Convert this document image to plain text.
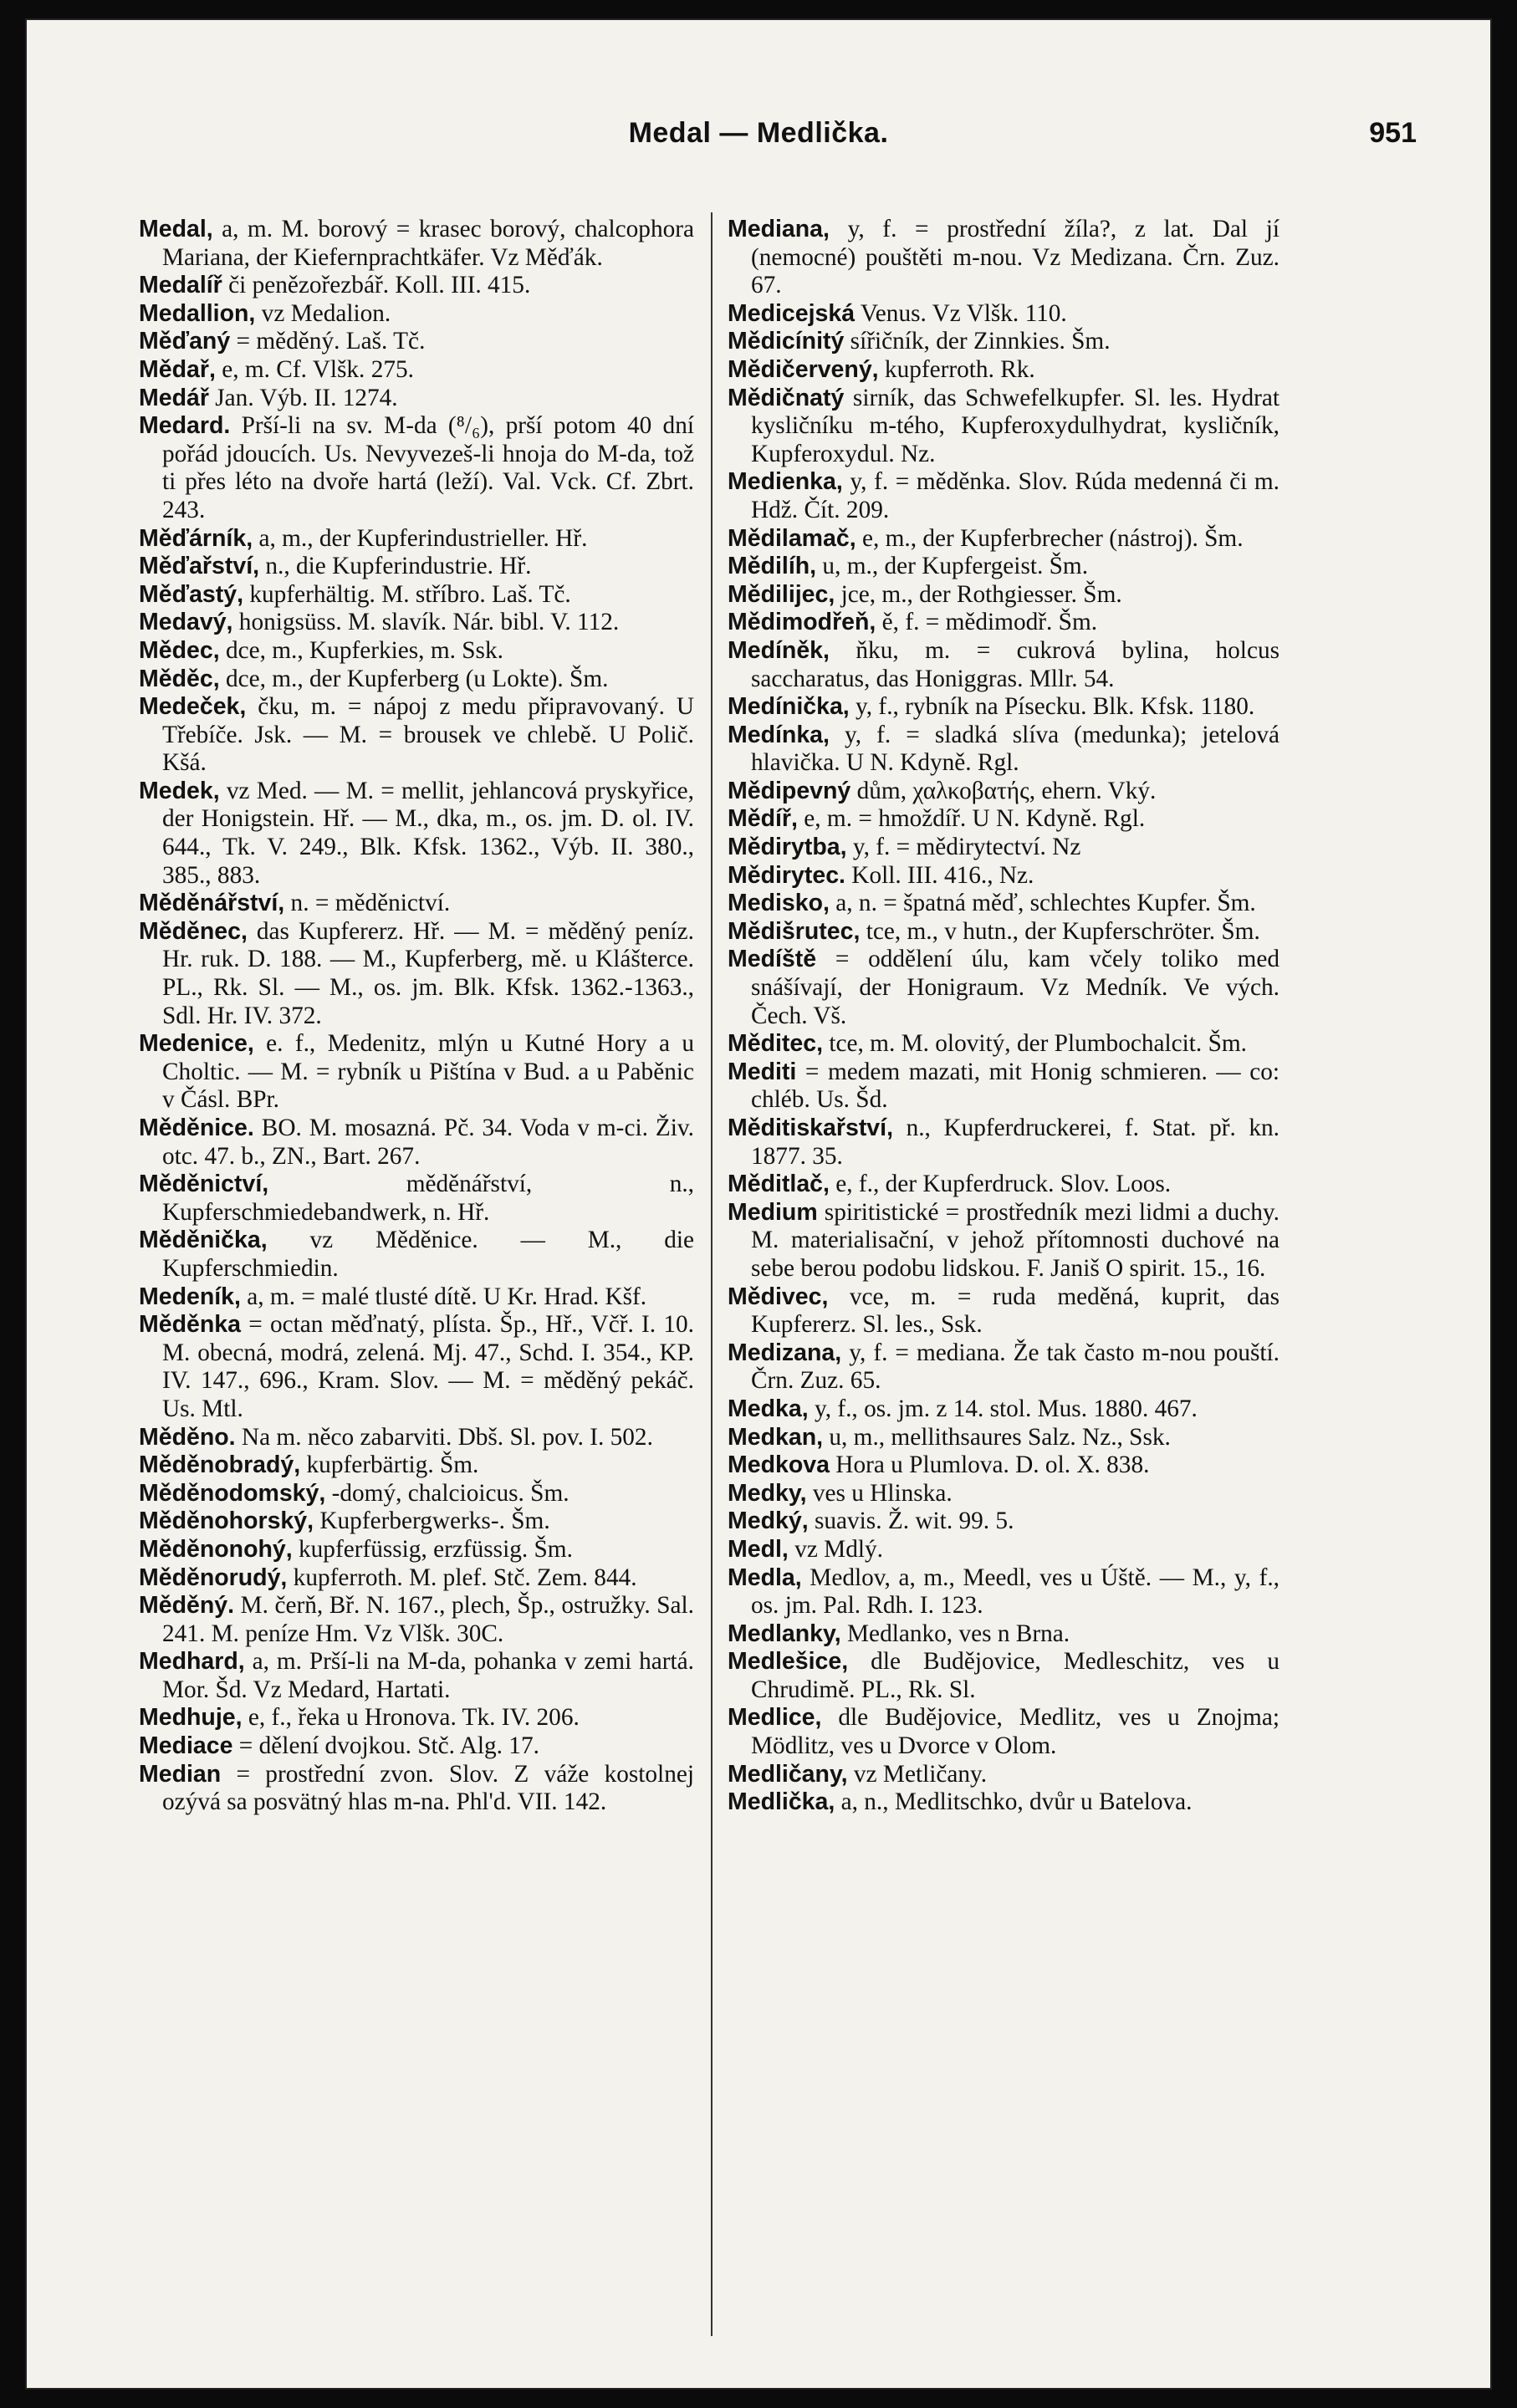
Medal — Medlička.	951

Medal, a, m. M. borový = krasec borový, chalcophora Mariana, der Kiefernprachtkäfer. Vz Měďák.

Medalíř či penězořezbář. Koll. III. 415.

Medallion, vz Medalion.

Měďaný = měděný. Laš. Tč.

Mědař, e, m. Cf. Vlšk. 275.

Medář Jan. Výb. II. 1274.

Medard. Prší-li na sv. M-da (⁸/₆), prší potom 40 dní pořád jdoucích. Us. Nevyvezeš-li hnoja do M-da, tož ti přes léto na dvoře hartá (leží). Val. Vck. Cf. Zbrt. 243.

Měďárník, a, m., der Kupferindustrieller. Hř.

Měďařství, n., die Kupferindustrie. Hř.

Měďastý, kupferhältig. M. stříbro. Laš. Tč.

Medavý, honigsüss. M. slavík. Nár. bibl. V. 112.

Mědec, dce, m., Kupferkies, m. Ssk.

Měděc, dce, m., der Kupferberg (u Lokte). Šm.

Medeček, čku, m. = nápoj z medu připravovaný. U Třebíče. Jsk. — M. = brousek ve chlebě. U Polič. Kšá.

Medek, vz Med. — M. = mellit, jehlancová pryskyřice, der Honigstein. Hř. — M., dka, m., os. jm. D. ol. IV. 644., Tk. V. 249., Blk. Kfsk. 1362., Výb. II. 380., 385., 883.

Měděnářství, n. = měděnictví.

Měděnec, das Kupfererz. Hř. — M. = měděný peníz. Hr. ruk. D. 188. — M., Kupferberg, mě. u Klášterce. PL., Rk. Sl. — M., os. jm. Blk. Kfsk. 1362.-1363., Sdl. Hr. IV. 372.

Medenice, e. f., Medenitz, mlýn u Kutné Hory a u Choltic. — M. = rybník u Pištína v Bud. a u Paběnic v Čásl. BPr.

Měděnice. BO. M. mosazná. Pč. 34. Voda v m-ci. Živ. otc. 47. b., ZN., Bart. 267.

Měděnictví, měděnářství, n., Kupferschmiedebandwerk, n. Hř.

Měděnička, vz Měděnice. — M., die Kupferschmiedin.

Medeník, a, m. = malé tlusté dítě. U Kr. Hrad. Kšf.

Měděnka = octan měďnatý, plísta. Šp., Hř., Včř. I. 10. M. obecná, modrá, zelená. Mj. 47., Schd. I. 354., KP. IV. 147., 696., Kram. Slov. — M. = měděný pekáč. Us. Mtl.

Měděno. Na m. něco zabarviti. Dbš. Sl. pov. I. 502.

Měděnobradý, kupferbärtig. Šm.

Měděnodomský, -domý, chalcioicus. Šm.

Měděnohorský, Kupferbergwerks-. Šm.

Měděnonohý, kupferfüssig, erzfüssig. Šm.

Měděnorudý, kupferroth. M. plef. Stč. Zem. 844.

Měděný. M. čerň, Bř. N. 167., plech, Šp., ostružky. Sal. 241. M. peníze Hm. Vz Vlšk. 30C.

Medhard, a, m. Prší-li na M-da, pohanka v zemi hartá. Mor. Šd. Vz Medard, Hartati.

Medhuje, e, f., řeka u Hronova. Tk. IV. 206.

Mediace = dělení dvojkou. Stč. Alg. 17.

Median = prostřední zvon. Slov. Z váže kostolnej ozývá sa posvätný hlas m-na. Phl'd. VII. 142.

Mediana, y, f. = prostřední žíla?, z lat. Dal jí (nemocné) pouštěti m-nou. Vz Medizana. Črn. Zuz. 67.

Medicejská Venus. Vz Vlšk. 110.

Mědicínitý sířičník, der Zinnkies. Šm.

Mědičervený, kupferroth. Rk.

Mědičnatý sirník, das Schwefelkupfer. Sl. les. Hydrat kysličníku m-tého, Kupferoxydulhydrat, kysličník, Kupferoxydul. Nz.

Medienka, y, f. = měděnka. Slov. Rúda medenná či m. Hdž. Čít. 209.

Mědilamač, e, m., der Kupferbrecher (nástroj). Šm.

Mědilíh, u, m., der Kupfergeist. Šm.

Mědilijec, jce, m., der Rothgiesser. Šm.

Mědimodřeň, ě, f. = mědimodř. Šm.

Medíněk, ňku, m. = cukrová bylina, holcus saccharatus, das Honiggras. Mllr. 54.

Medínička, y, f., rybník na Písecku. Blk. Kfsk. 1180.

Medínka, y, f. = sladká slíva (medunka); jetelová hlavička. U N. Kdyně. Rgl.

Mědipevný dům, χαλκοβατής, ehern. Vký.

Mědíř, e, m. = hmoždíř. U N. Kdyně. Rgl.

Mědirytba, y, f. = mědirytectví. Nz

Mědirytec. Koll. III. 416., Nz.

Medisko, a, n. = špatná měď, schlechtes Kupfer. Šm.

Mědišrutec, tce, m., v hutn., der Kupferschröter. Šm.

Medíště = oddělení úlu, kam včely toliko med snášívají, der Honigraum. Vz Medník. Ve vých. Čech. Vš.

Měditec, tce, m. M. olovitý, der Plumbochalcit. Šm.

Mediti = medem mazati, mit Honig schmieren. — co: chléb. Us. Šd.

Měditiskařství, n., Kupferdruckerei, f. Stat. př. kn. 1877. 35.

Měditlač, e, f., der Kupferdruck. Slov. Loos.

Medium spiritistické = prostředník mezi lidmi a duchy. M. materialisační, v jehož přítomnosti duchové na sebe berou podobu lidskou. F. Janiš O spirit. 15., 16.

Mědivec, vce, m. = ruda meděná, kuprit, das Kupfererz. Sl. les., Ssk.

Medizana, y, f. = mediana. Že tak často m-nou pouští. Črn. Zuz. 65.

Medka, y, f., os. jm. z 14. stol. Mus. 1880. 467.

Medkan, u, m., mellithsaures Salz. Nz., Ssk.

Medkova Hora u Plumlova. D. ol. X. 838.

Medky, ves u Hlinska.

Medký, suavis. Ž. wit. 99. 5.

Medl, vz Mdlý.

Medla, Medlov, a, m., Meedl, ves u Úště. — M., y, f., os. jm. Pal. Rdh. I. 123.

Medlanky, Medlanko, ves n Brna.

Medlešice, dle Budějovice, Medleschitz, ves u Chrudimě. PL., Rk. Sl.

Medlice, dle Budějovice, Medlitz, ves u Znojma; Mödlitz, ves u Dvorce v Olom.

Medličany, vz Metličany.

Medlička, a, n., Medlitschko, dvůr u Batelova.
